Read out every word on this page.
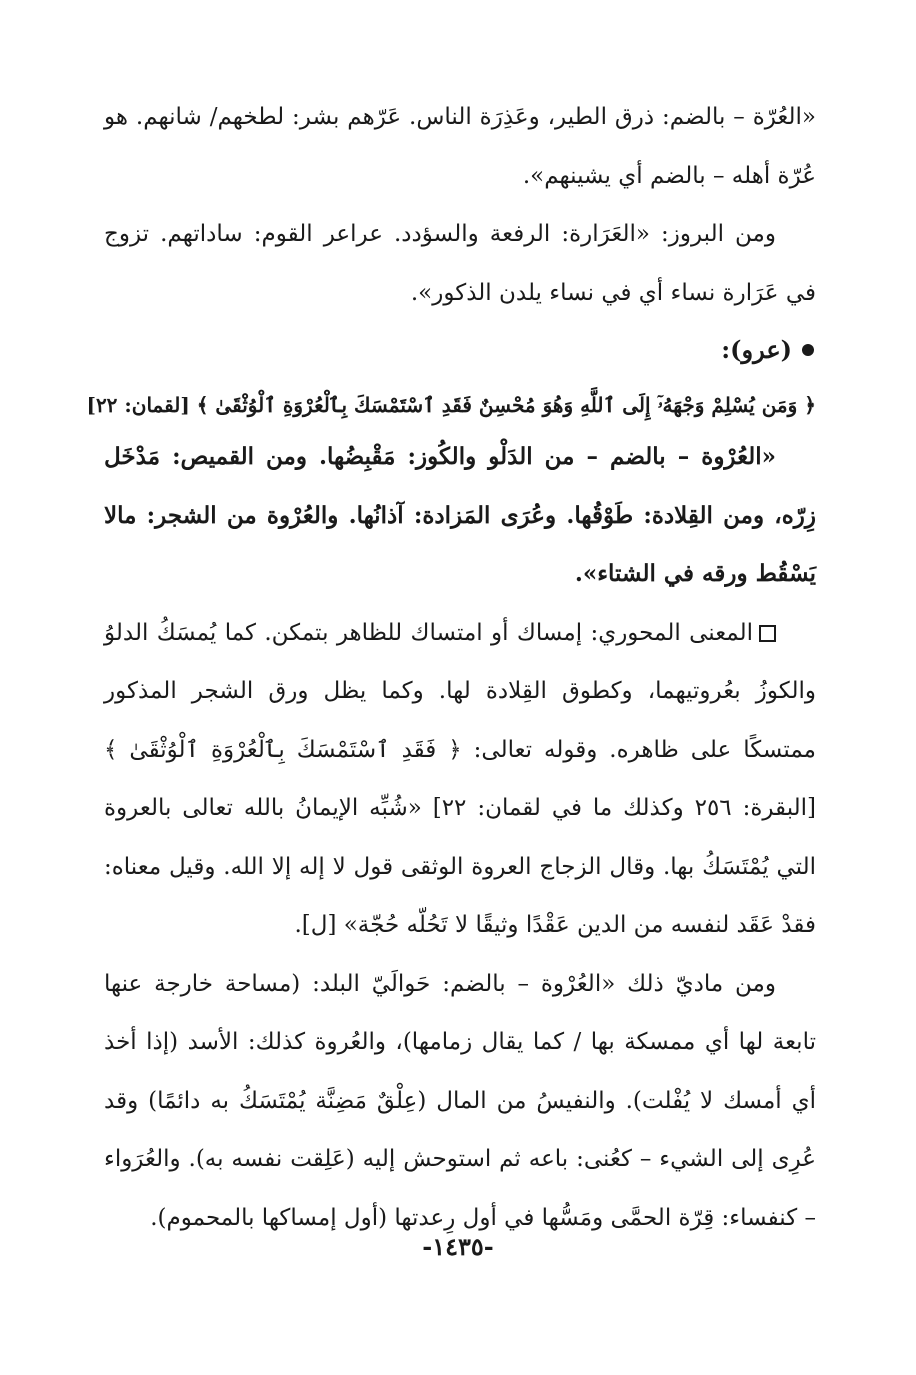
«العُرّة – بالضم: ذرق الطير، وعَذِرَة الناس. عَرّهم بشر: لطخهم/ شانهم. هو عُرّة أهله – بالضم أي يشينهم».

ومن البروز: «العَرَارة: الرفعة والسؤدد. عراعر القوم: ساداتهم. تزوج في عَرَارة نساء أي في نساء يلدن الذكور».

(عرو):

﴿ وَمَن يُسْلِمْ وَجْهَهُۥٓ إِلَى ٱللَّهِ وَهُوَ مُحْسِنٌ فَقَدِ ٱسْتَمْسَكَ بِٱلْعُرْوَةِ ٱلْوُثْقَىٰ ﴾ [لقمان: ٢٢]

«العُرْوة – بالضم – من الدَلْو والكُوز: مَقْبِضُها. ومن القميص: مَدْخَل زِرّه، ومن القِلادة: طَوْقُها. وعُرَى المَزادة: آذانُها. والعُرْوة من الشجر: مالا يَسْقُط ورقه في الشتاء».

المعنى المحوري: إمساك أو امتساك للظاهر بتمكن. كما يُمسَكُ الدلوُ والكوزُ بعُروتيهما، وكطوق القِلادة لها. وكما يظل ورق الشجر المذكور ممتسكًا على ظاهره. وقوله تعالى: ﴿ فَقَدِ ٱسْتَمْسَكَ بِٱلْعُرْوَةِ ٱلْوُثْقَىٰ ﴾ [البقرة: ٢٥٦ وكذلك ما في لقمان: ٢٢] «شُبِّه الإيمانُ بالله تعالى بالعروة التي يُمْتَسَكُ بها. وقال الزجاج العروة الوثقى قول لا إله إلا الله. وقيل معناه: فقدْ عَقَد لنفسه من الدين عَقْدًا وثيقًا لا تَحُلّه حُجّة» [ل].

ومن ماديّ ذلك «العُرْوة – بالضم: حَوالَيّ البلد: (مساحة خارجة عنها تابعة لها أي ممسكة بها / كما يقال زمامها)، والعُروة كذلك: الأسد (إذا أخذ أي أمسك لا يُفْلت). والنفيسُ من المال (عِلْقٌ مَضِنَّة يُمْتَسَكُ به دائمًا) وقد عُرِى إلى الشيء – كعُنى: باعه ثم استوحش إليه (عَلِقت نفسه به). والعُرَواء – كنفساء: قِرّة الحمَّى ومَسُّها في أول رِعدتها (أول إمساكها بالمحموم).

-١٤٣٥-
